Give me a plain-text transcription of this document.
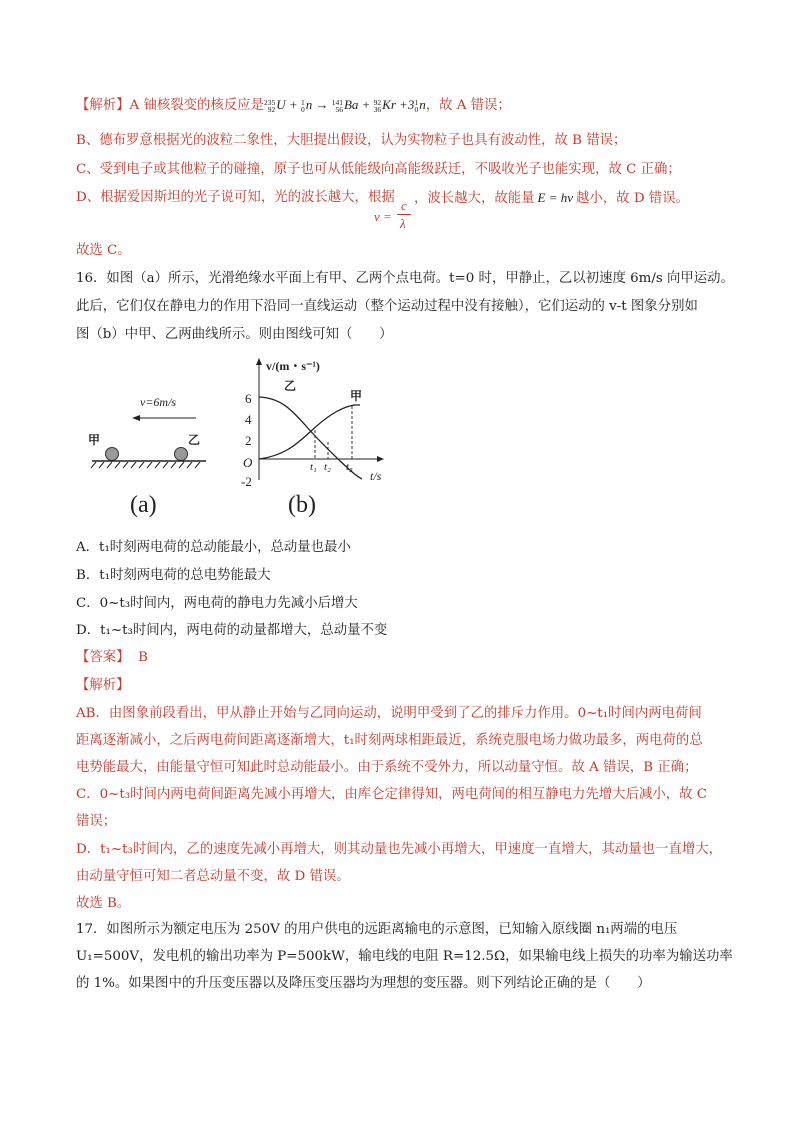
【解析】A 铀核裂变的核反应是 235
92 U + 1
0 n → 141
56 Ba + 92
36 Kr +3 1
0 n，故 A 错误；
B、德布罗意根据光的波粒二象性，大胆提出假设，认为实物粒子也具有波动性，故 B 错误；
C、受到电子或其他粒子的碰撞，原子也可从低能级向高能级跃迁，不吸收光子也能实现，故 C 正确；
D、根据爱因斯坦的光子说可知，光的波长越大，根据
v =
c
λ
，波长越大，故能量 E = hν 越小，故 D 错误。
故选 C。
16．如图（a）所示，光滑绝缘水平面上有甲、乙两个点电荷。t=0 时，甲静止，乙以初速度 6m/s 向甲运动。
此后，它们仅在静电力的作用下沿同一直线运动（整个运动过程中没有接触），它们运动的 v-t 图象分别如
图（b）中甲、乙两曲线所示。则由图线可知（　　）
v=6m/s
甲	乙
(a)
v/(m・s⁻¹)
t/s
O
6
4
2
-2
乙
甲
t₁ t₂ t₃
(b)
A．t₁时刻两电荷的总动能最小，总动量也最小
B．t₁时刻两电荷的总电势能最大
C．0~t₃时间内，两电荷的静电力先减小后增大
D．t₁~t₃时间内，两电荷的动量都增大，总动量不变
【答案】 B
【解析】
AB．由图象前段看出，甲从静止开始与乙同向运动，说明甲受到了乙的排斥力作用。0~t₁时间内两电荷间
距离逐渐减小，之后两电荷间距离逐渐增大，t₁时刻两球相距最近，系统克服电场力做功最多，两电荷的总
电势能最大，由能量守恒可知此时总动能最小。由于系统不受外力，所以动量守恒。故 A 错误，B 正确；
C．0~t₃时间内两电荷间距离先减小再增大，由库仑定律得知，两电荷间的相互静电力先增大后减小，故 C
错误；
D．t₁~t₃时间内，乙的速度先减小再增大，则其动量也先减小再增大，甲速度一直增大，其动量也一直增大，
由动量守恒可知二者总动量不变，故 D 错误。
故选 B。
17．如图所示为额定电压为 250V 的用户供电的远距离输电的示意图，已知输入原线圈 n₁两端的电压
U₁=500V，发电机的输出功率为 P=500kW，输电线的电阻 R=12.5Ω，如果输电线上损失的功率为输送功率
的 1%。如果图中的升压变压器以及降压变压器均为理想的变压器。则下列结论正确的是（　　）
